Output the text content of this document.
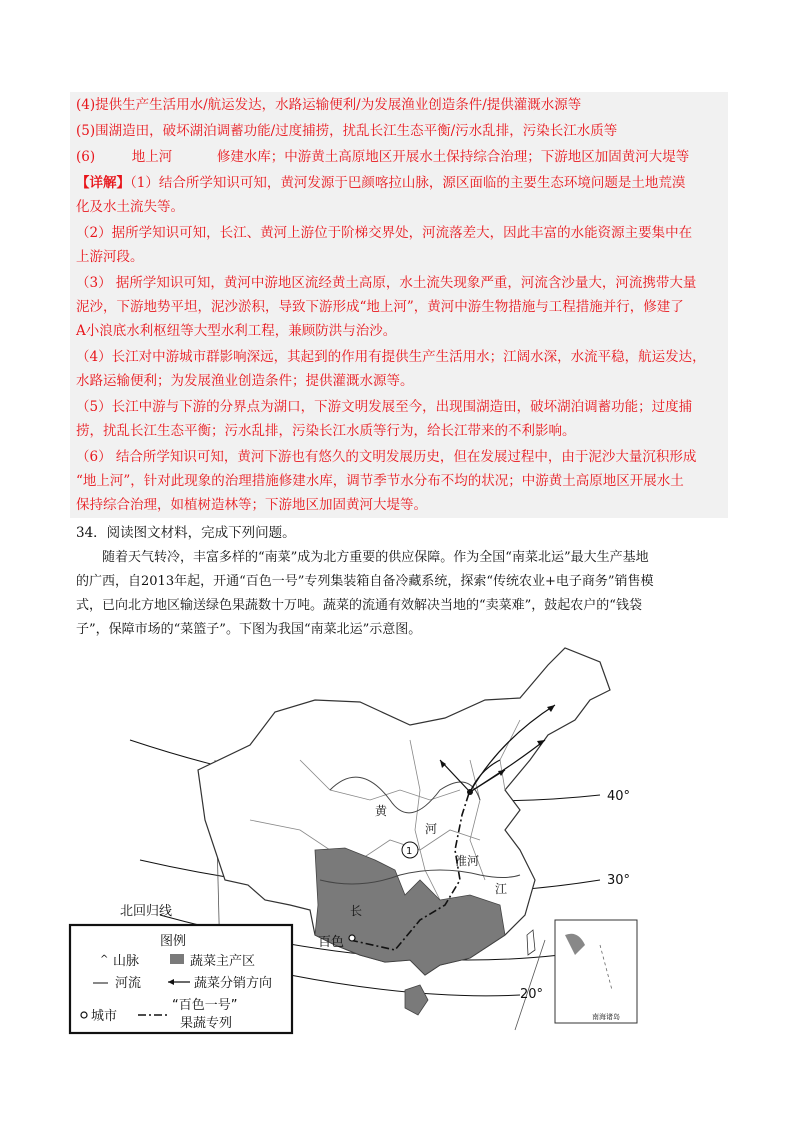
(4)提供生产生活用水/航运发达，水路运输便利/为发展渔业创造条件/提供灌溉水源等
(5)围湖造田，破坏湖泊调蓄功能/过度捕捞，扰乱长江生态平衡/污水乱排，污染长江水质等
(6)	地上河	修建水库；中游黄土高原地区开展水土保持综合治理；下游地区加固黄河大堤等
【详解】（1）结合所学知识可知，黄河发源于巴颜喀拉山脉，源区面临的主要生态环境问题是土地荒漠
化及水土流失等。
（2）据所学知识可知，长江、黄河上游位于阶梯交界处，河流落差大，因此丰富的水能资源主要集中在
上游河段。
（3） 据所学知识可知，黄河中游地区流经黄土高原，水土流失现象严重，河流含沙量大，河流携带大量
泥沙，下游地势平坦，泥沙淤积，导致下游形成“地上河”，黄河中游生物措施与工程措施并行，修建了
A小浪底水利枢纽等大型水利工程，兼顾防洪与治沙。
（4）长江对中游城市群影响深远，其起到的作用有提供生产生活用水；江阔水深，水流平稳，航运发达，
水路运输便利；为发展渔业创造条件；提供灌溉水源等。
（5）长江中游与下游的分界点为湖口，下游文明发展至今，出现围湖造田，破坏湖泊调蓄功能；过度捕
捞，扰乱长江生态平衡；污水乱排，污染长江水质等行为，给长江带来的不利影响。
（6） 结合所学知识可知，黄河下游也有悠久的文明发展历史，但在发展过程中，由于泥沙大量沉积形成
“地上河”，针对此现象的治理措施修建水库，调节季节水分布不均的状况；中游黄土高原地区开展水土
保持综合治理，如植树造林等；下游地区加固黄河大堤等。
34．阅读图文材料，完成下列问题。
随着天气转冷，丰富多样的“南菜”成为北方重要的供应保障。作为全国“南菜北运”最大生产基地
的广西，自2013年起，开通“百色一号”专列集装箱自备冷藏系统，探索“传统农业+电子商务”销售模
式，已向北方地区输送绿色果蔬数十万吨。蔬菜的流通有效解决当地的“卖菜难”，鼓起农户的“钱袋
子”，保障市场的“菜篮子”。下图为我国“南菜北运”示意图。
40°
30°
20°
北回归线
百色
黄
河
淮河
长
江
1
南海诸岛
图例
^ 山脉	蔬菜主产区
河流	蔬菜分销方向
城市
“百色一号”
果蔬专列
